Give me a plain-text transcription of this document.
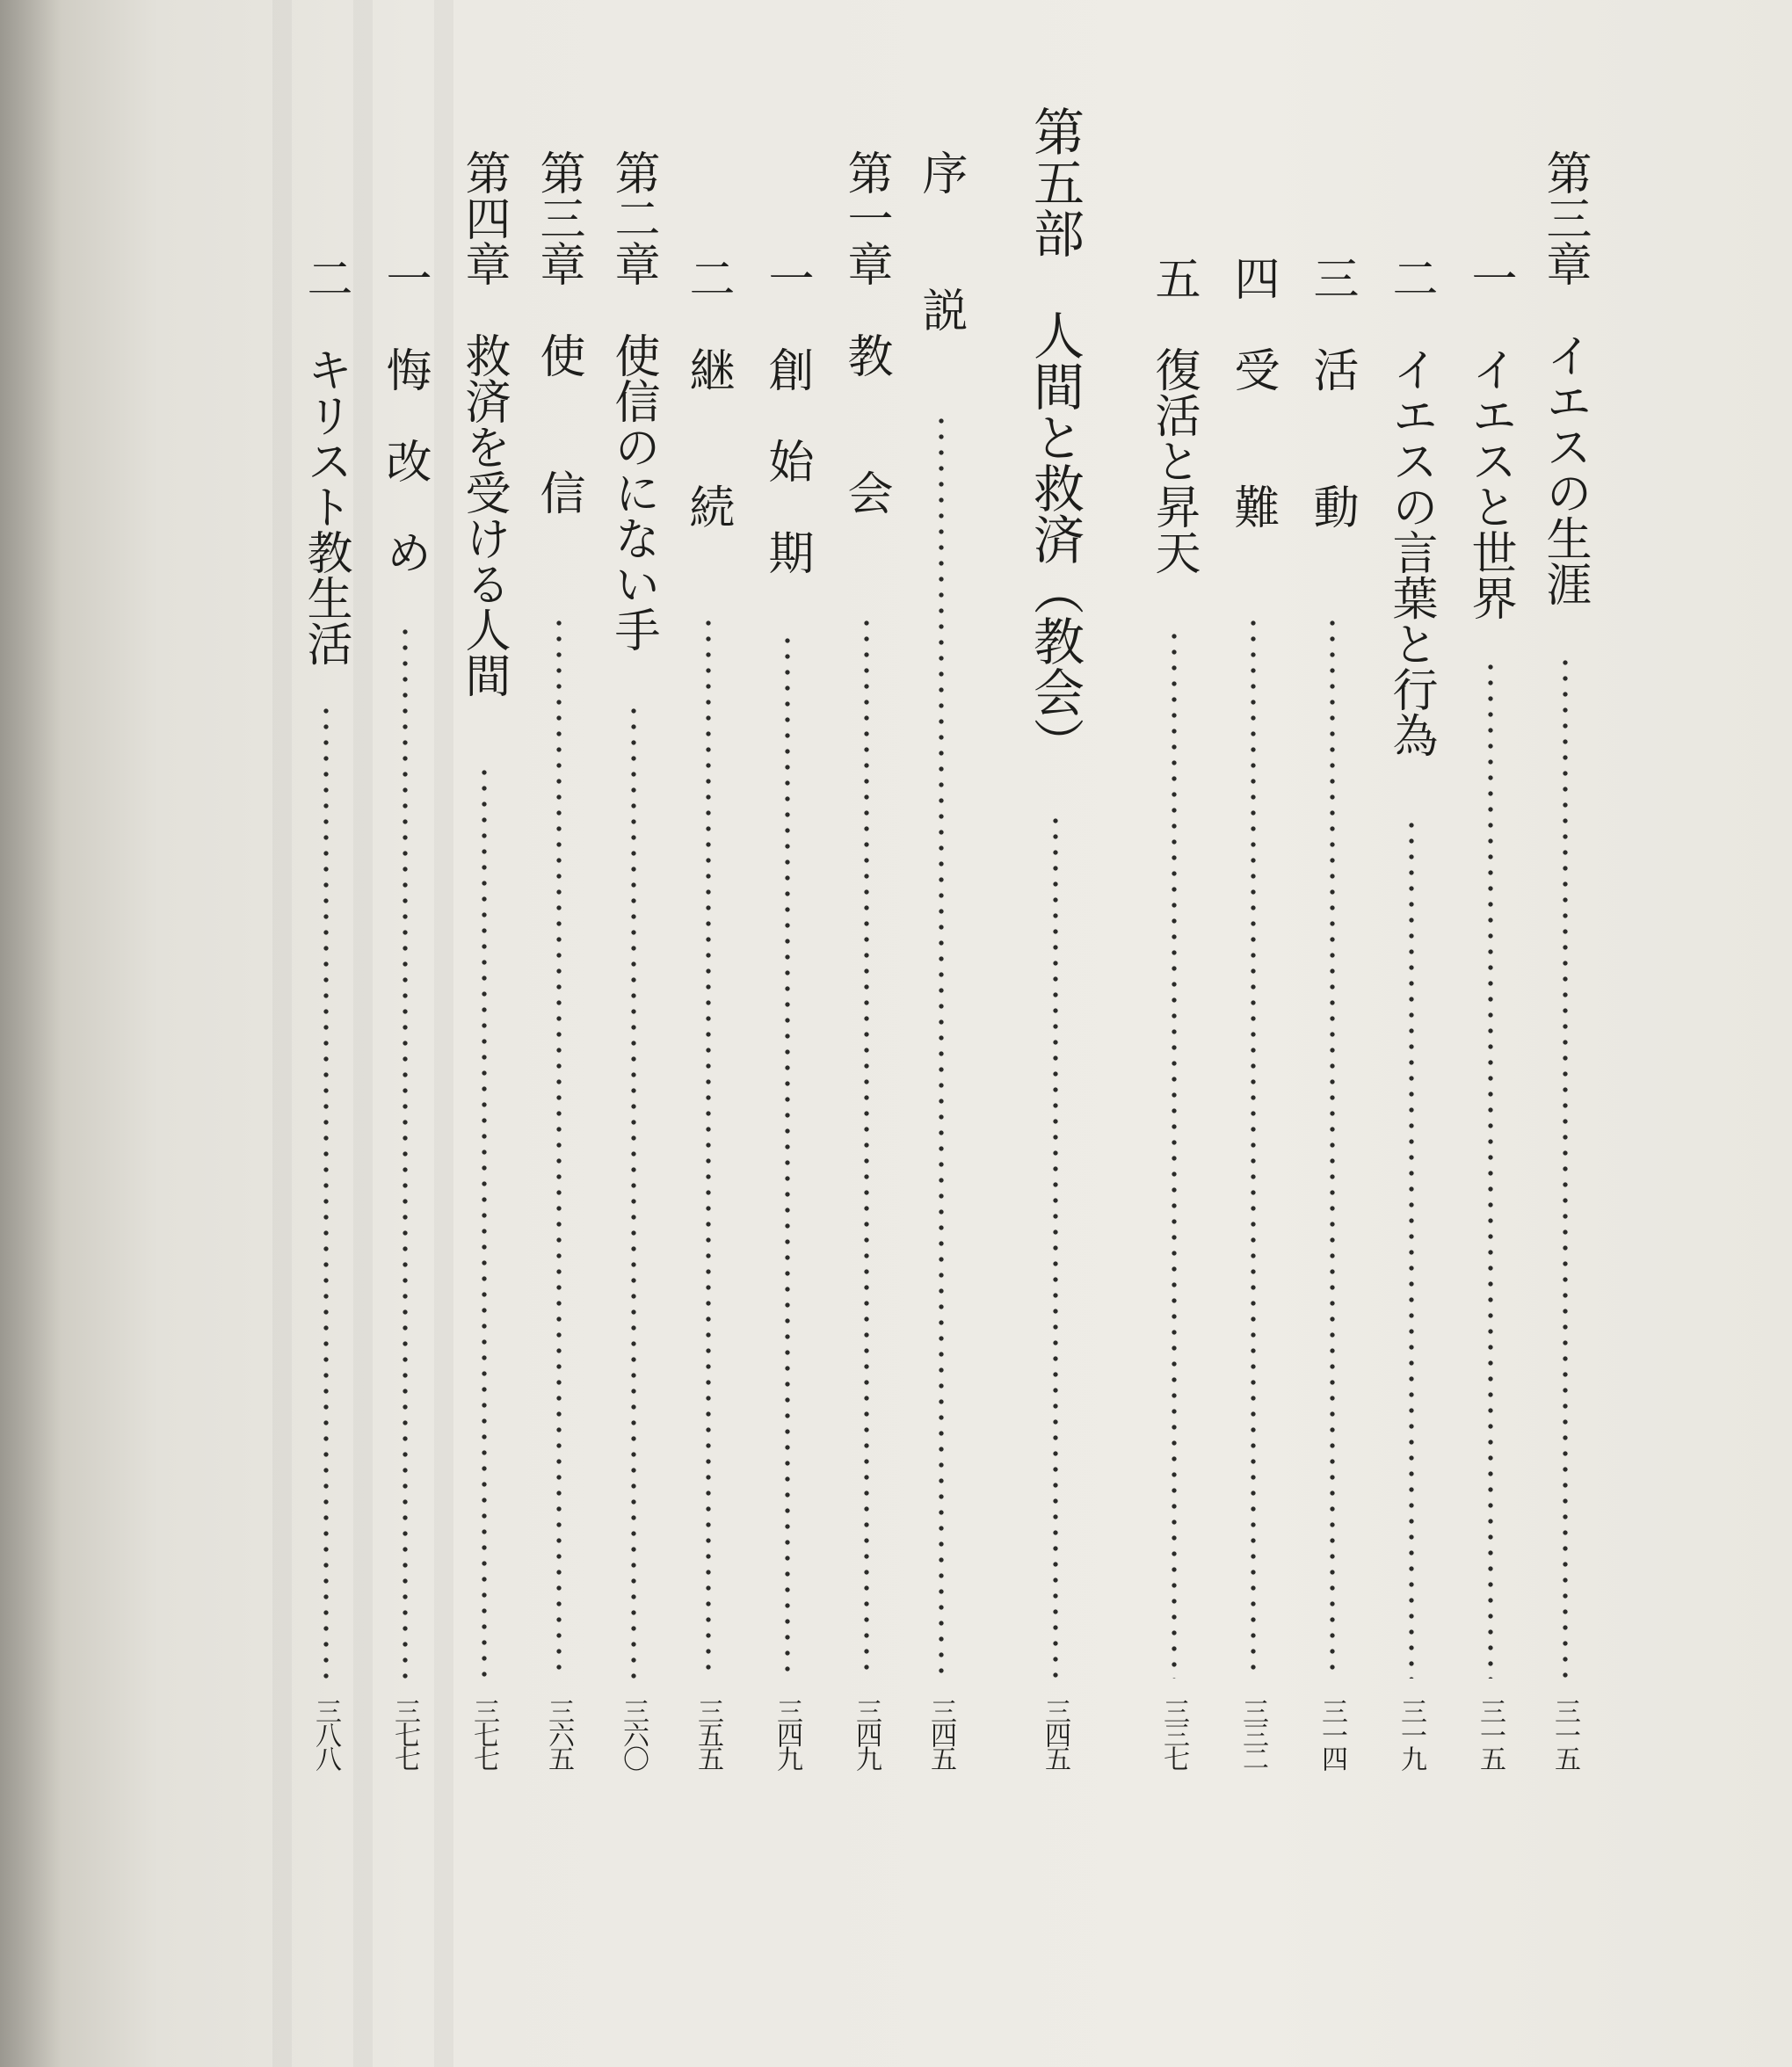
第三章　イエスの生涯
三一五
一　イエスと世界
三一五
二　イエスの言葉と行為
三一九
三　活　　動
三一四
四　受　　難
三三二
五　復活と昇天
三三七
第五部　人間と救済（教会）
三四五
序　　説
三四五
第一章　教　　会
三四九
一　創　始　期
三四九
二　継　　続
三五五
第二章　使信のにない手
三六〇
第三章　使　　信
三六五
第四章　救済を受ける人間
三七七
一　悔　改　め
三七七
二　キリスト教生活
三八八
